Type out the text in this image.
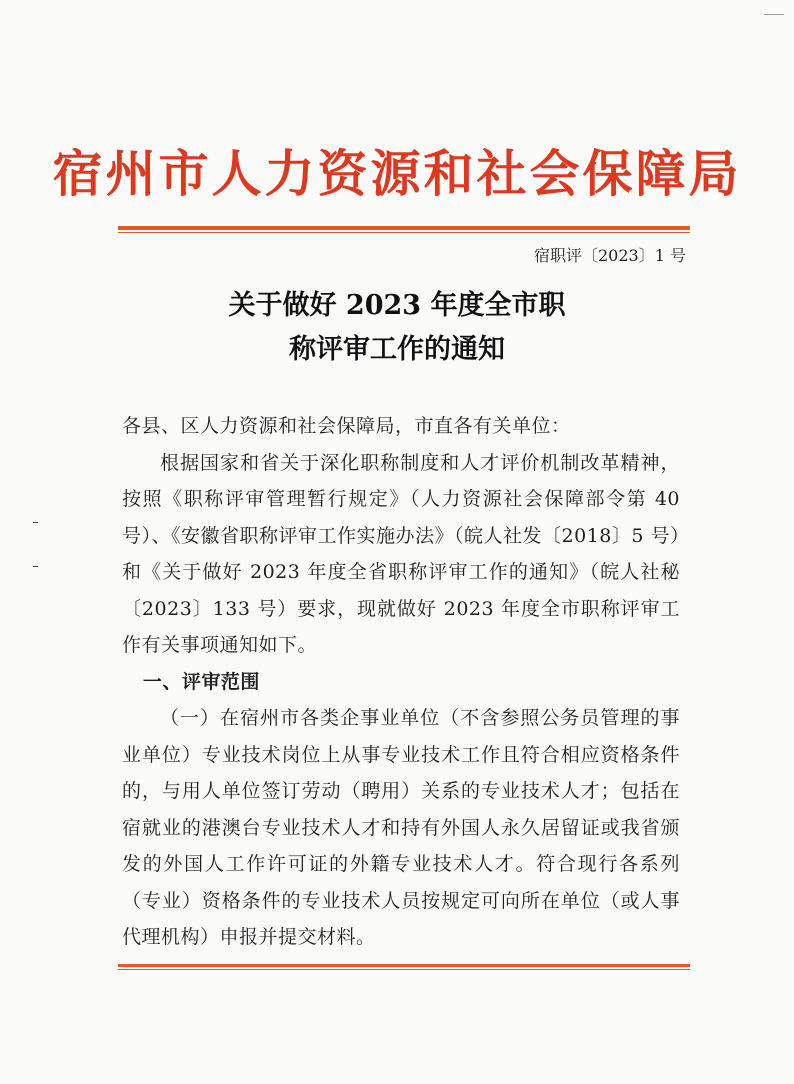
宿州市人力资源和社会保障局
宿职评〔2023〕1 号
关于做好 2023 年度全市职
称评审工作的通知

各县、区人力资源和社会保障局，市直各有关单位：

根据国家和省关于深化职称制度和人才评价机制改革精神，按照《职称评审管理暂行规定》（人力资源社会保障部令第 40 号）、《安徽省职称评审工作实施办法》（皖人社发〔2018〕5 号）和《关于做好 2023 年度全省职称评审工作的通知》（皖人社秘〔2023〕133 号）要求，现就做好 2023 年度全市职称评审工作有关事项通知如下。

一、评审范围

（一）在宿州市各类企事业单位（不含参照公务员管理的事业单位）专业技术岗位上从事专业技术工作且符合相应资格条件的，与用人单位签订劳动（聘用）关系的专业技术人才；包括在宿就业的港澳台专业技术人才和持有外国人永久居留证或我省颁发的外国人工作许可证的外籍专业技术人才。符合现行各系列（专业）资格条件的专业技术人员按规定可向所在单位（或人事代理机构）申报并提交材料。
